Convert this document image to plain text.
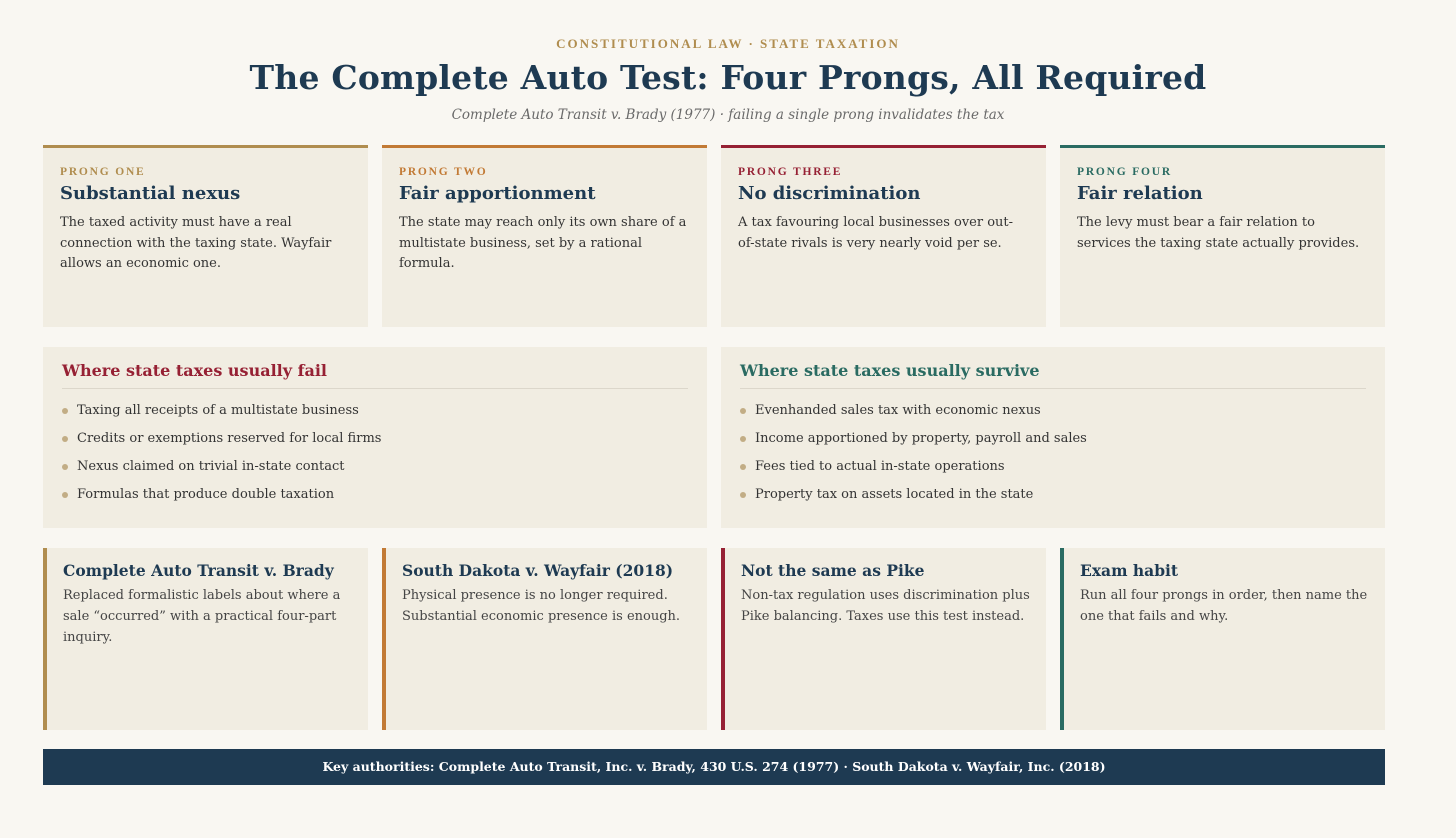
CONSTITUTIONAL LAW · STATE TAXATION
The Complete Auto Test: Four Prongs, All Required
Complete Auto Transit v. Brady (1977) · failing a single prong invalidates the tax
PRONG ONE
Substantial nexus
The taxed activity must have a real connection with the taxing state. Wayfair allows an economic one.
PRONG TWO
Fair apportionment
The state may reach only its own share of a multistate business, set by a rational formula.
PRONG THREE
No discrimination
A tax favouring local businesses over out-of-state rivals is very nearly void per se.
PRONG FOUR
Fair relation
The levy must bear a fair relation to services the taxing state actually provides.
Where state taxes usually fail
Taxing all receipts of a multistate business
Credits or exemptions reserved for local firms
Nexus claimed on trivial in-state contact
Formulas that produce double taxation
Where state taxes usually survive
Evenhanded sales tax with economic nexus
Income apportioned by property, payroll and sales
Fees tied to actual in-state operations
Property tax on assets located in the state
Complete Auto Transit v. Brady
Replaced formalistic labels about where a sale “occurred” with a practical four-part inquiry.
South Dakota v. Wayfair (2018)
Physical presence is no longer required. Substantial economic presence is enough.
Not the same as Pike
Non-tax regulation uses discrimination plus Pike balancing. Taxes use this test instead.
Exam habit
Run all four prongs in order, then name the one that fails and why.
Key authorities: Complete Auto Transit, Inc. v. Brady, 430 U.S. 274 (1977) · South Dakota v. Wayfair, Inc. (2018)
